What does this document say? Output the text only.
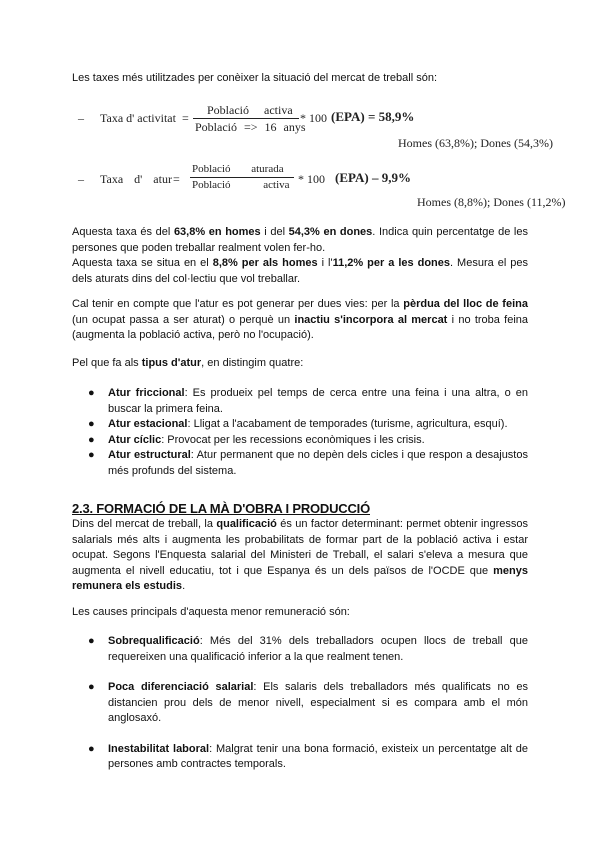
Les taxes més utilitzades per conèixer la situació del mercat de treball són:

– Taxa d' activitat =
Població activa
Població => 16 anys
* 100 (EPA) = 58,9%
Homes (63,8%); Dones (54,3%)
– Taxa d' atur =
Població aturada
Població activa * 100 (EPA) – 9,9%
Homes (8,8%); Dones (11,2%)

Aquesta taxa és del 63,8% en homes i del 54,3% en dones. Indica quin percentatge de les persones que poden treballar realment volen fer-ho.

Aquesta taxa se situa en el 8,8% per als homes i l'11,2% per a les dones. Mesura el pes dels aturats dins del col·lectiu que vol treballar.

Cal tenir en compte que l'atur es pot generar per dues vies: per la pèrdua del lloc de feina (un ocupat passa a ser aturat) o perquè un inactiu s'incorpora al mercat i no troba feina (augmenta la població activa, però no l'ocupació).

Pel que fa als tipus d'atur, en distingim quatre:

● Atur friccional: Es produeix pel temps de cerca entre una feina i una altra, o en buscar la primera feina.
● Atur estacional: Lligat a l'acabament de temporades (turisme, agricultura, esquí).
● Atur cíclic: Provocat per les recessions econòmiques i les crisis.
● Atur estructural: Atur permanent que no depèn dels cicles i que respon a desajustos més profunds del sistema.
2.3. FORMACIÓ DE LA MÀ D'OBRA I PRODUCCIÓ

Dins del mercat de treball, la qualificació és un factor determinant: permet obtenir ingressos salarials més alts i augmenta les probabilitats de formar part de la població activa i estar ocupat. Segons l'Enquesta salarial del Ministeri de Treball, el salari s'eleva a mesura que augmenta el nivell educatiu, tot i que Espanya és un dels països de l'OCDE que menys remunera els estudis.

Les causes principals d'aquesta menor remuneració són:

● Sobrequalificació: Més del 31% dels treballadors ocupen llocs de treball que requereixen una qualificació inferior a la que realment tenen.
● Poca diferenciació salarial: Els salaris dels treballadors més qualificats no es distancien prou dels de menor nivell, especialment si es compara amb el món anglosaxó.
● Inestabilitat laboral: Malgrat tenir una bona formació, existeix un percentatge alt de persones amb contractes temporals.
